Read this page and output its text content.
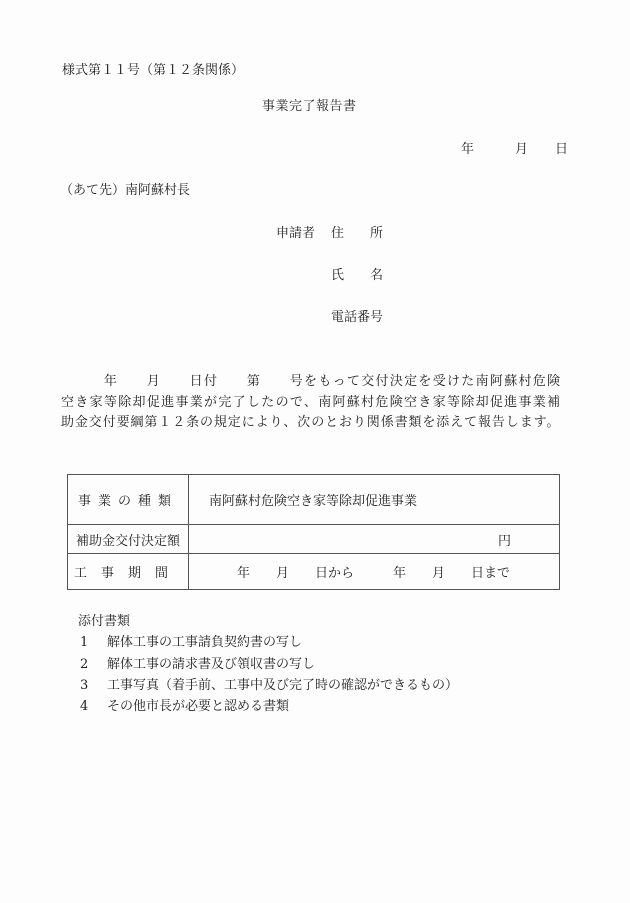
様式第１１号（第１２条関係）
事業完了報告書
年	月 日
（あて先）南阿蘇村長
申請者 住　　所
氏　　名
電話番号
　　　年　　月　　日付　　第　　号をもって交付決定を受けた南阿蘇村危険空き家等除却促進事業が完了したので、南阿蘇村危険空き家等除却促進事業補助金交付要綱第１２条の規定により、次のとおり関係書類を添えて報告します。
事業の種類	南阿蘇村危険空き家等除却促進事業
補助金交付決定額	円
工事期間	年　　月　　日から　　　年　　月　　日まで
添付書類
1	解体工事の工事請負契約書の写し
2	解体工事の請求書及び領収書の写し
3	工事写真（着手前、工事中及び完了時の確認ができるもの）
4	その他市長が必要と認める書類
